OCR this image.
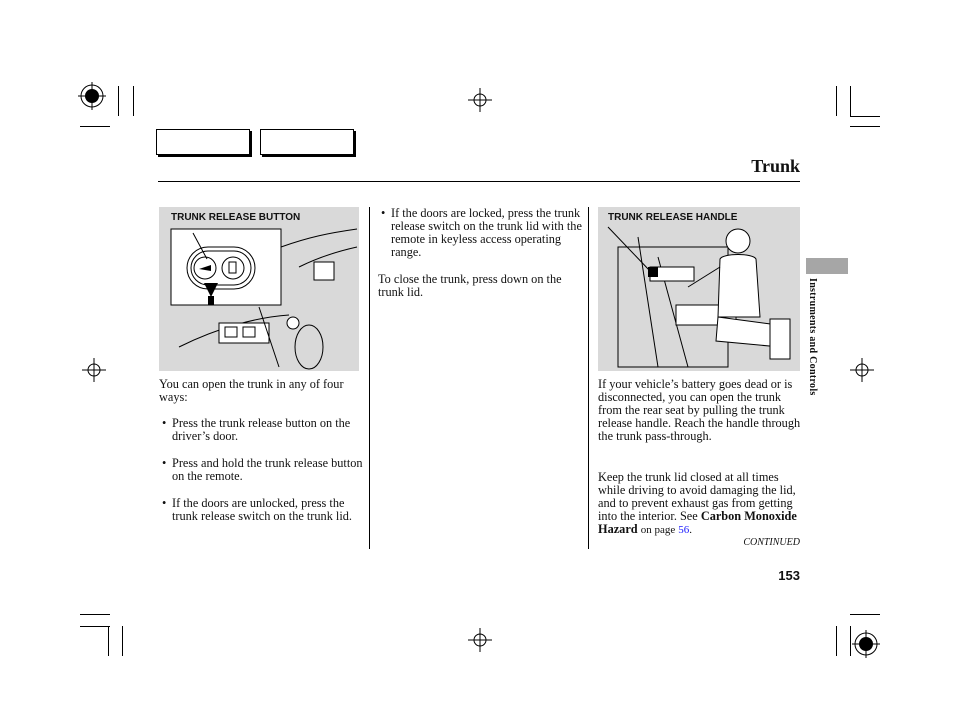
Trunk
TRUNK RELEASE BUTTON	TRUNK RELEASE HANDLE
You can open the trunk in any of four ways:
• Press the trunk release button on the driver’s door.
• Press and hold the trunk release button on the remote.
• If the doors are unlocked, press the trunk release switch on the trunk lid.
• If the doors are locked, press the trunk release switch on the trunk lid with the remote in keyless access operating range.
To close the trunk, press down on the trunk lid.
If your vehicle’s battery goes dead or is disconnected, you can open the trunk from the rear seat by pulling the trunk release handle. Reach the handle through the trunk pass-through.
Keep the trunk lid closed at all times while driving to avoid damaging the lid, and to prevent exhaust gas from getting into the interior. See Carbon Monoxide Hazard on page 56.
CONTINUED
153
Instruments and Controls
